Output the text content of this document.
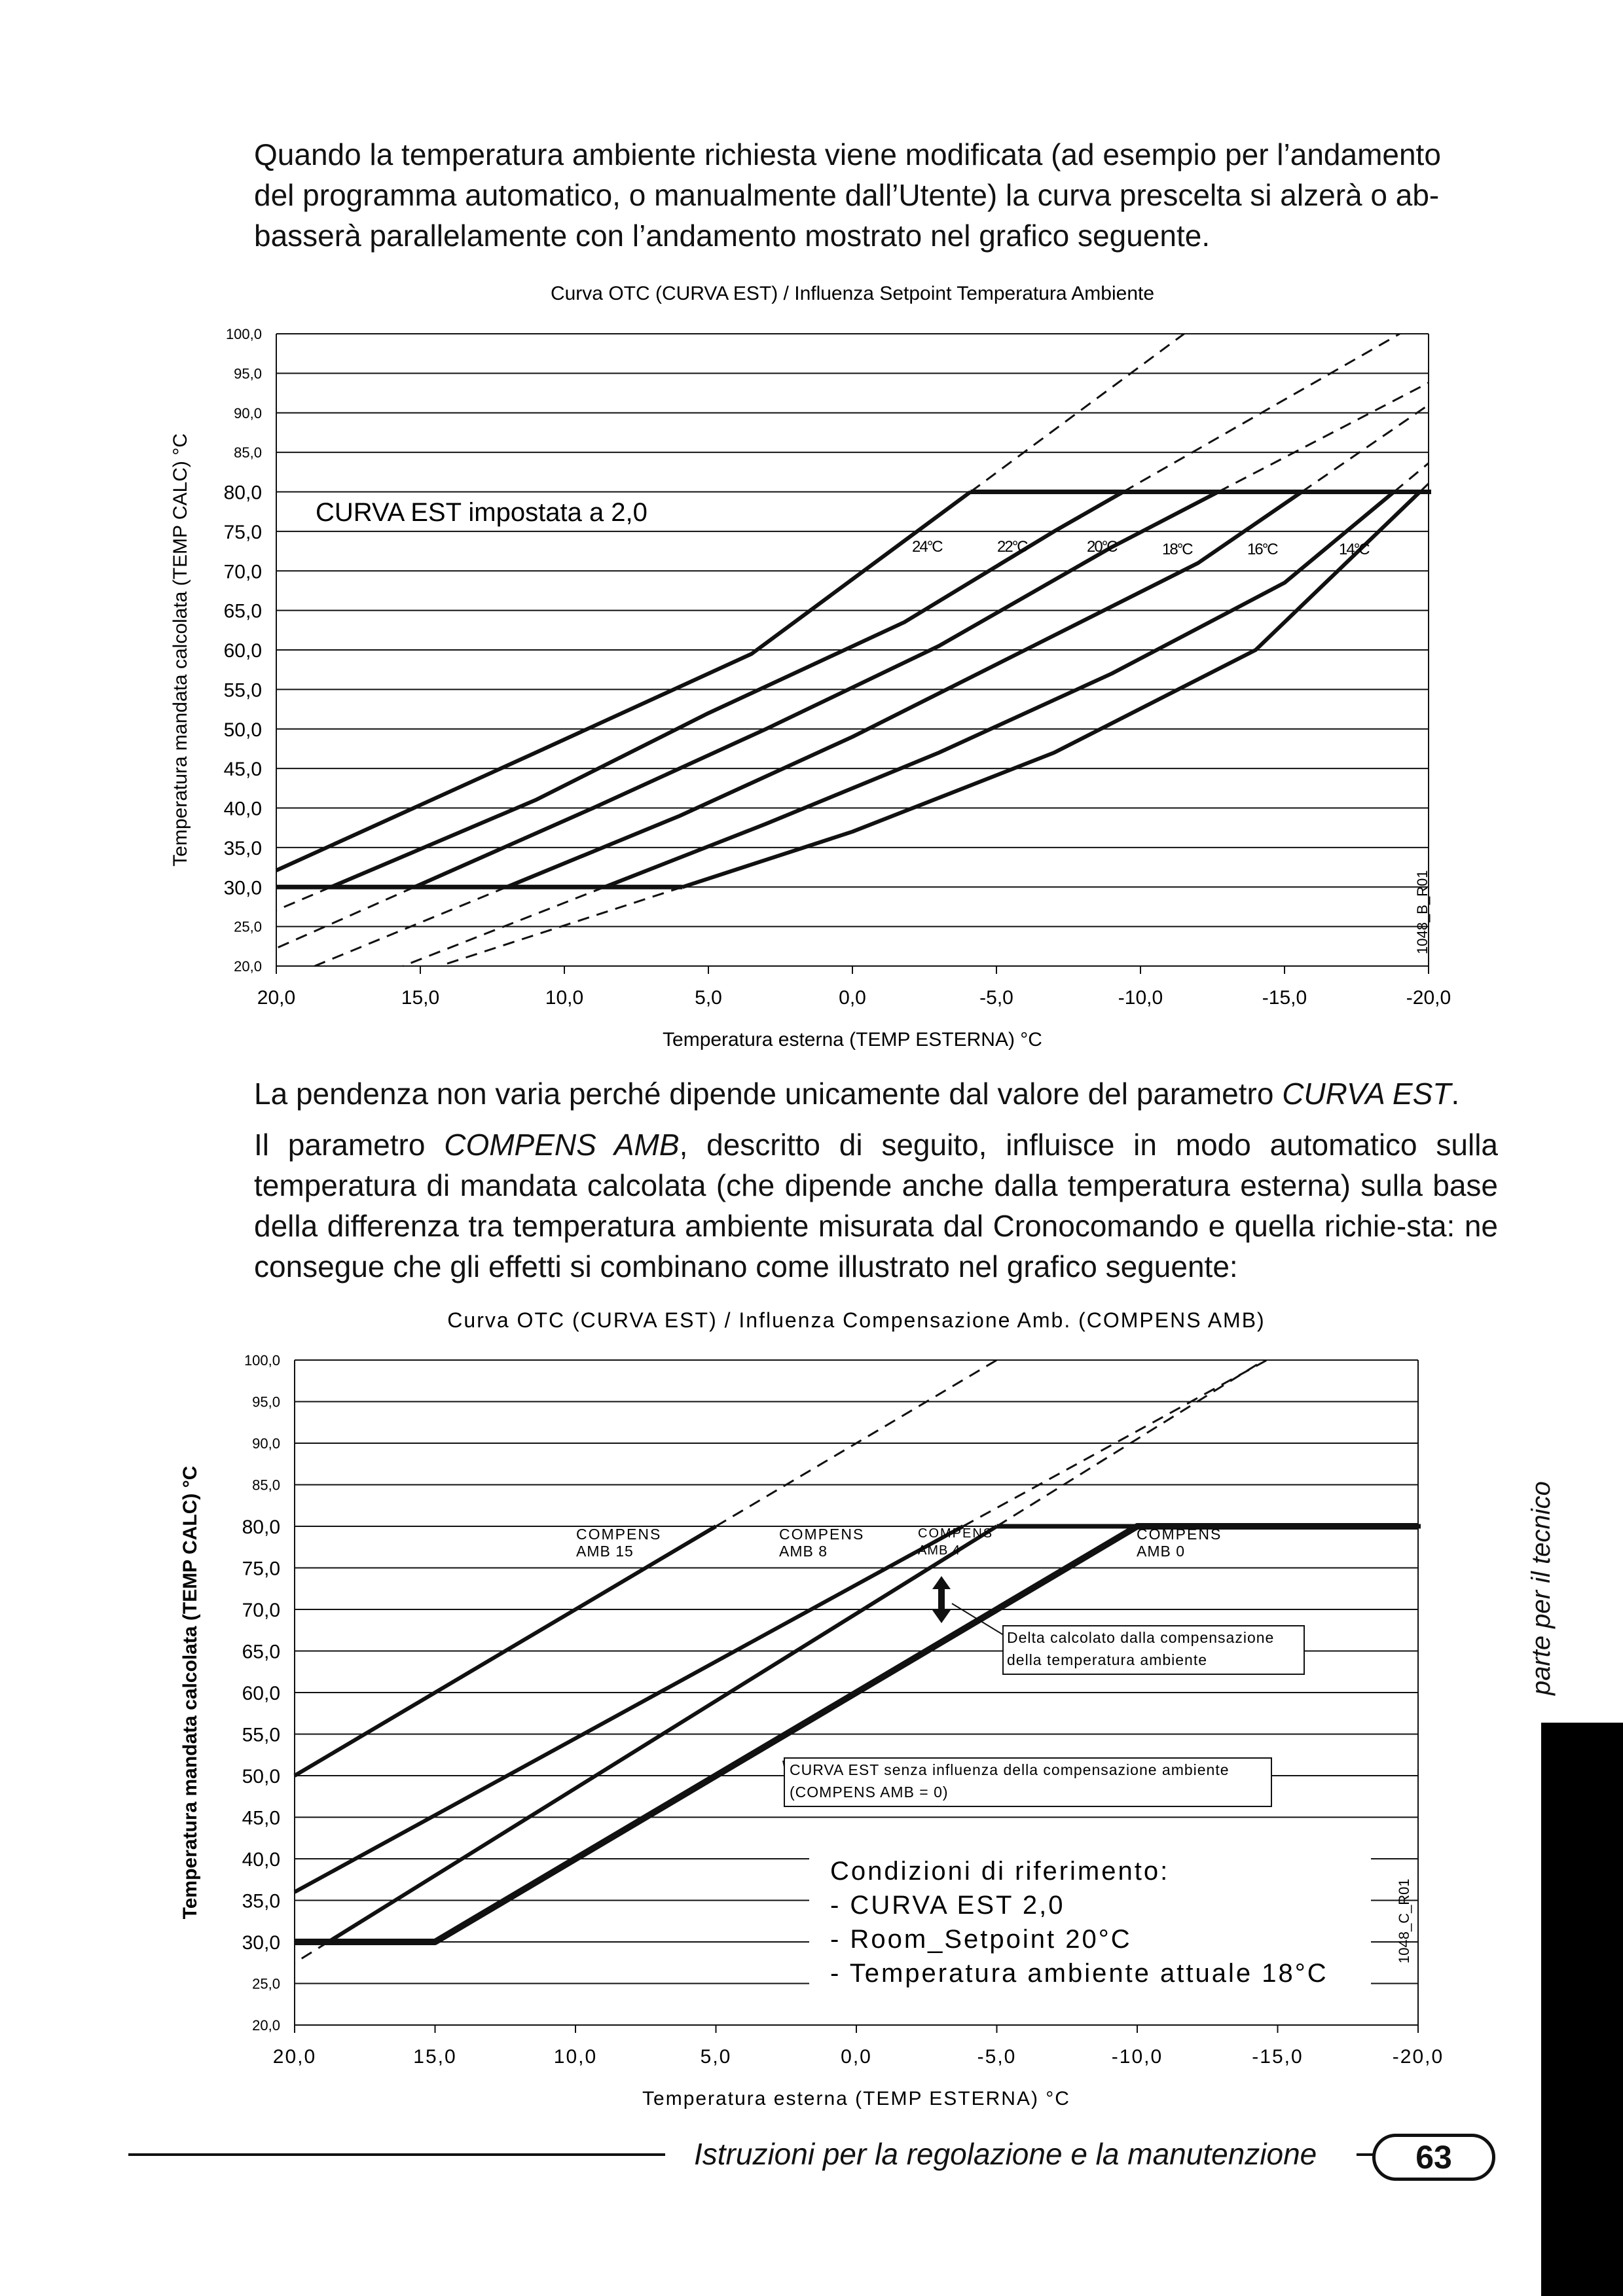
Quando la temperatura ambiente richiesta viene modificata (ad esempio per l’andamento
del programma automatico, o manualmente dall’Utente) la curva prescelta si alzerà o ab-
basserà parallelamente con l’andamento mostrato nel grafico seguente.
Curva OTC (CURVA EST) / Influenza Setpoint Temperatura Ambiente
100,0
95,0
90,0
85,0
80,0
75,0
70,0
65,0
60,0
55,0
50,0
45,0
40,0
35,0
30,0
25,0
20,0
20,0	15,0	10,0	5,0	0,0	-5,0	-10,0	-15,0	-20,0
Temperatura esterna (TEMP ESTERNA) °C
Temperatura mandata calcolata (TEMP CALC) °C	CURVA EST impostata a 2,0
24°C	22°C	20°C	18°C	16°C	14°C
1048_B_R01

La pendenza non varia perché dipende unicamente dal valore del parametro CURVA EST.

Il parametro COMPENS AMB, descritto di seguito, influisce in modo automatico sulla temperatura di mandata calcolata (che dipende anche dalla temperatura esterna) sulla base della differenza tra temperatura ambiente misurata dal Cronocomando e quella richie-sta: ne consegue che gli effetti si combinano come illustrato nel grafico seguente:

Curva OTC (CURVA EST) / Influenza Compensazione Amb. (COMPENS AMB)
100,0
95,0
90,0
85,0
80,0
75,0
70,0
65,0
60,0
55,0
50,0
45,0
40,0
35,0
30,0
25,0
20,0
20,0	15,0	10,0	5,0	0,0	-5,0	-10,0	-15,0	-20,0
Temperatura esterna (TEMP ESTERNA) °C
Temperatura mandata calcolata (TEMP CALC) °C	COMPENS
AMB 15
COMPENS
AMB 8
COMPENS
AMB 4
COMPENS
AMB 0
Delta calcolato dalla compensazione
della temperatura ambiente
CURVA EST senza influenza della compensazione ambiente
(COMPENS AMB = 0)
Condizioni di riferimento:
- CURVA EST 2,0
- Room_Setpoint 20°C
- Temperatura ambiente attuale 18°C
1048_C_R01
parte per il tecnico
Istruzioni per la regolazione e la manutenzione	63
